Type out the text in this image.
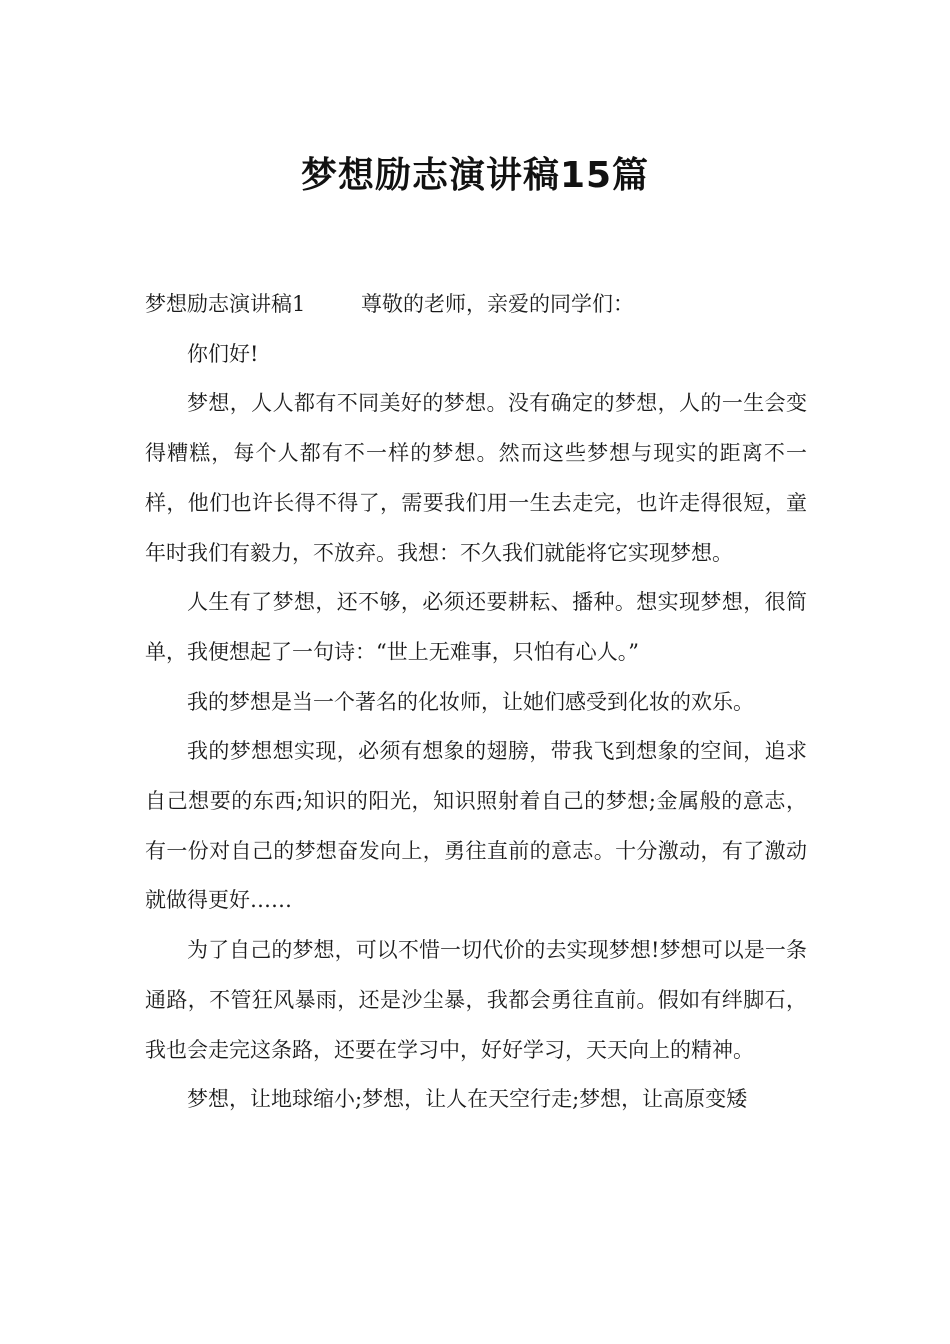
梦想励志演讲稿15篇

梦想励志演讲稿1	尊敬的老师，亲爱的同学们：

你们好!

梦想，人人都有不同美好的梦想。没有确定的梦想，人的一生会变得糟糕，每个人都有不一样的梦想。然而这些梦想与现实的距离不一样，他们也许长得不得了，需要我们用一生去走完，也许走得很短，童年时我们有毅力，不放弃。我想：不久我们就能将它实现梦想。

人生有了梦想，还不够，必须还要耕耘、播种。想实现梦想，很简单，我便想起了一句诗：“世上无难事，只怕有心人。”

我的梦想是当一个著名的化妆师，让她们感受到化妆的欢乐。

我的梦想想实现，必须有想象的翅膀，带我飞到想象的空间，追求自己想要的东西;知识的阳光，知识照射着自己的梦想;金属般的意志，有一份对自己的梦想奋发向上，勇往直前的意志。十分激动，有了激动就做得更好……

为了自己的梦想，可以不惜一切代价的去实现梦想!梦想可以是一条通路，不管狂风暴雨，还是沙尘暴，我都会勇往直前。假如有绊脚石，我也会走完这条路，还要在学习中，好好学习，天天向上的精神。

梦想，让地球缩小;梦想，让人在天空行走;梦想，让高原变矮
